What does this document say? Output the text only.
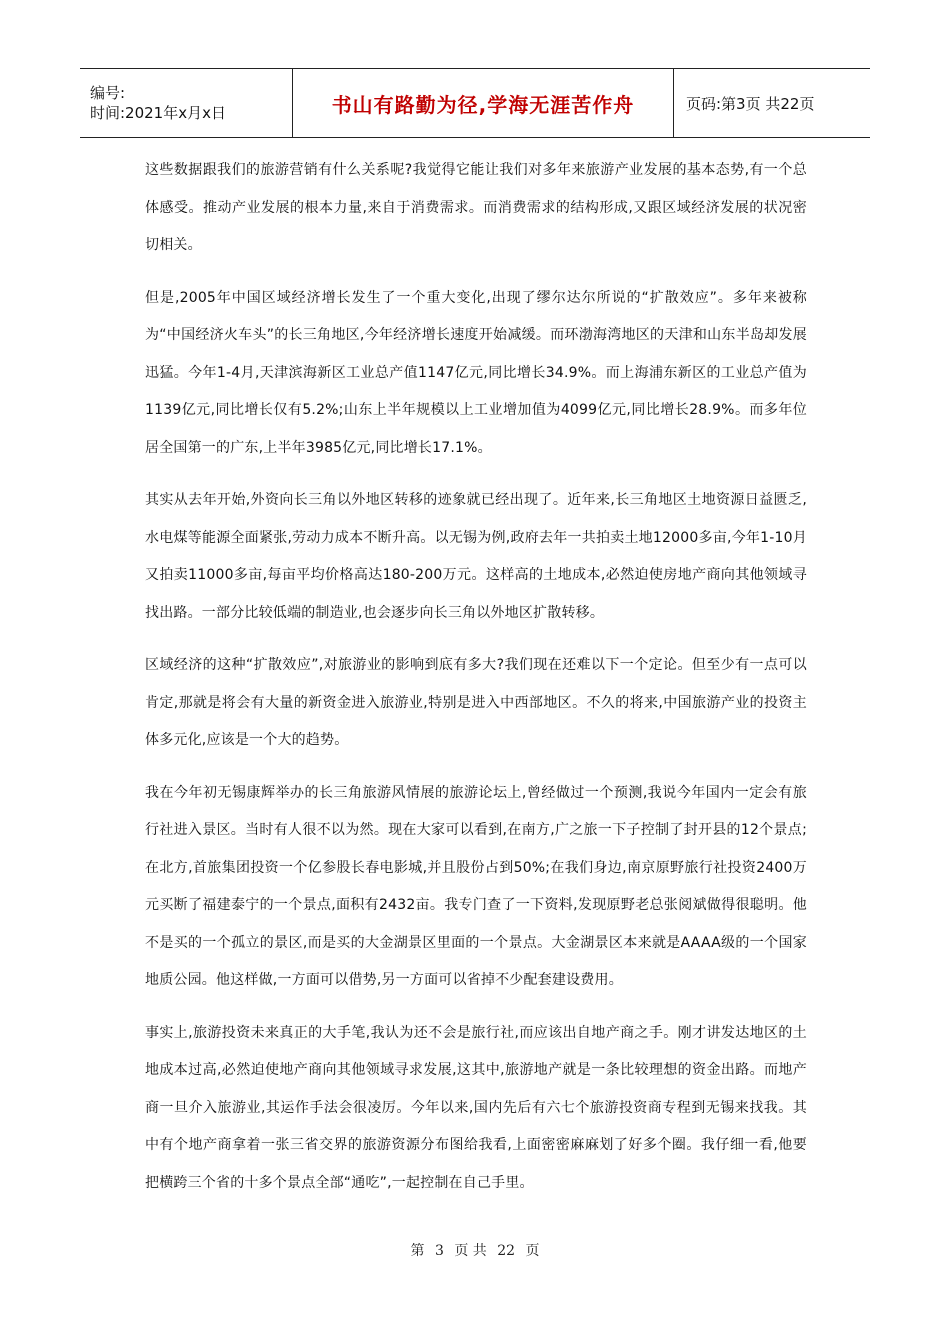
编号:
时间:2021年x月x日	书山有路勤为径,学海无涯苦作舟	页码:第3页 共22页

这些数据跟我们的旅游营销有什么关系呢?我觉得它能让我们对多年来旅游产业发展的基本态势,有一个总体感受。推动产业发展的根本力量,来自于消费需求。而消费需求的结构形成,又跟区域经济发展的状况密切相关。

但是,2005年中国区域经济增长发生了一个重大变化,出现了缪尔达尔所说的“扩散效应”。多年来被称为“中国经济火车头”的长三角地区,今年经济增长速度开始减缓。而环渤海湾地区的天津和山东半岛却发展迅猛。今年1-4月,天津滨海新区工业总产值1147亿元,同比增长34.9%。而上海浦东新区的工业总产值为1139亿元,同比增长仅有5.2%;山东上半年规模以上工业增加值为4099亿元,同比增长28.9%。而多年位居全国第一的广东,上半年3985亿元,同比增长17.1%。

其实从去年开始,外资向长三角以外地区转移的迹象就已经出现了。近年来,长三角地区土地资源日益匮乏,水电煤等能源全面紧张,劳动力成本不断升高。以无锡为例,政府去年一共拍卖土地12000多亩,今年1-10月又拍卖11000多亩,每亩平均价格高达180-200万元。这样高的土地成本,必然迫使房地产商向其他领域寻找出路。一部分比较低端的制造业,也会逐步向长三角以外地区扩散转移。

区域经济的这种“扩散效应”,对旅游业的影响到底有多大?我们现在还难以下一个定论。但至少有一点可以肯定,那就是将会有大量的新资金进入旅游业,特别是进入中西部地区。不久的将来,中国旅游产业的投资主体多元化,应该是一个大的趋势。

我在今年初无锡康辉举办的长三角旅游风情展的旅游论坛上,曾经做过一个预测,我说今年国内一定会有旅行社进入景区。当时有人很不以为然。现在大家可以看到,在南方,广之旅一下子控制了封开县的12个景点;在北方,首旅集团投资一个亿参股长春电影城,并且股份占到50%;在我们身边,南京原野旅行社投资2400万元买断了福建泰宁的一个景点,面积有2432亩。我专门查了一下资料,发现原野老总张阅斌做得很聪明。他不是买的一个孤立的景区,而是买的大金湖景区里面的一个景点。大金湖景区本来就是AAAA级的一个国家地质公园。他这样做,一方面可以借势,另一方面可以省掉不少配套建设费用。

事实上,旅游投资未来真正的大手笔,我认为还不会是旅行社,而应该出自地产商之手。刚才讲发达地区的土地成本过高,必然迫使地产商向其他领域寻求发展,这其中,旅游地产就是一条比较理想的资金出路。而地产商一旦介入旅游业,其运作手法会很凌厉。今年以来,国内先后有六七个旅游投资商专程到无锡来找我。其中有个地产商拿着一张三省交界的旅游资源分布图给我看,上面密密麻麻划了好多个圈。我仔细一看,他要把横跨三个省的十多个景点全部“通吃”,一起控制在自己手里。

第 3 页 共 22 页
